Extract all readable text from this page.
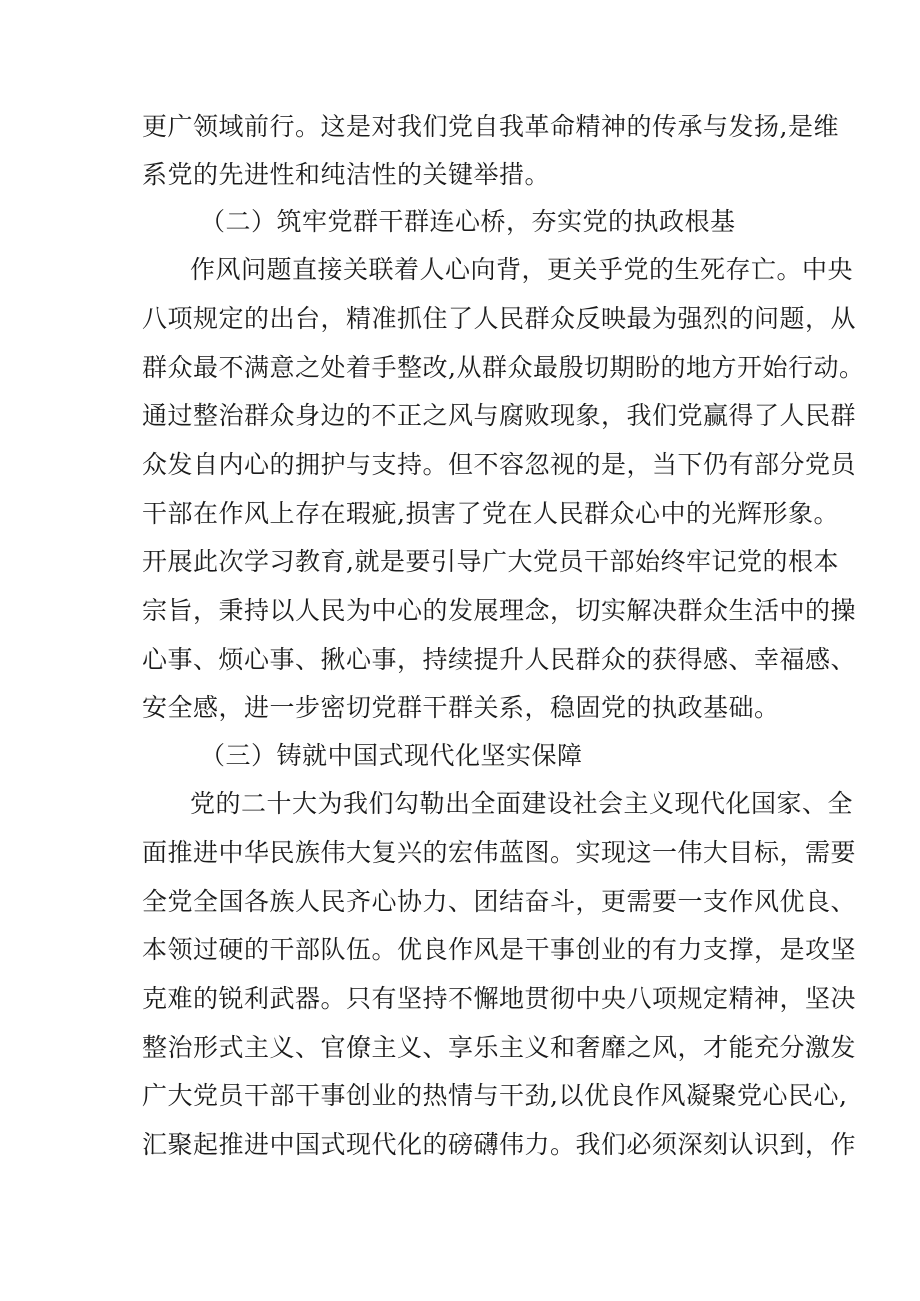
更广领域前行。这是对我们党自我革命精神的传承与发扬,是维
系党的先进性和纯洁性的关键举措。
（二）筑牢党群干群连心桥，夯实党的执政根基
作风问题直接关联着人心向背，更关乎党的生死存亡。中央
八项规定的出台，精准抓住了人民群众反映最为强烈的问题，从
群众最不满意之处着手整改,从群众最殷切期盼的地方开始行动。
通过整治群众身边的不正之风与腐败现象，我们党赢得了人民群
众发自内心的拥护与支持。但不容忽视的是，当下仍有部分党员
干部在作风上存在瑕疵,损害了党在人民群众心中的光辉形象。
开展此次学习教育,就是要引导广大党员干部始终牢记党的根本
宗旨，秉持以人民为中心的发展理念，切实解决群众生活中的操
心事、烦心事、揪心事，持续提升人民群众的获得感、幸福感、
安全感，进一步密切党群干群关系，稳固党的执政基础。
（三）铸就中国式现代化坚实保障
党的二十大为我们勾勒出全面建设社会主义现代化国家、全
面推进中华民族伟大复兴的宏伟蓝图。实现这一伟大目标，需要
全党全国各族人民齐心协力、团结奋斗，更需要一支作风优良、
本领过硬的干部队伍。优良作风是干事创业的有力支撑，是攻坚
克难的锐利武器。只有坚持不懈地贯彻中央八项规定精神，坚决
整治形式主义、官僚主义、享乐主义和奢靡之风，才能充分激发
广大党员干部干事创业的热情与干劲,以优良作风凝聚党心民心,
汇聚起推进中国式现代化的磅礴伟力。我们必须深刻认识到，作
